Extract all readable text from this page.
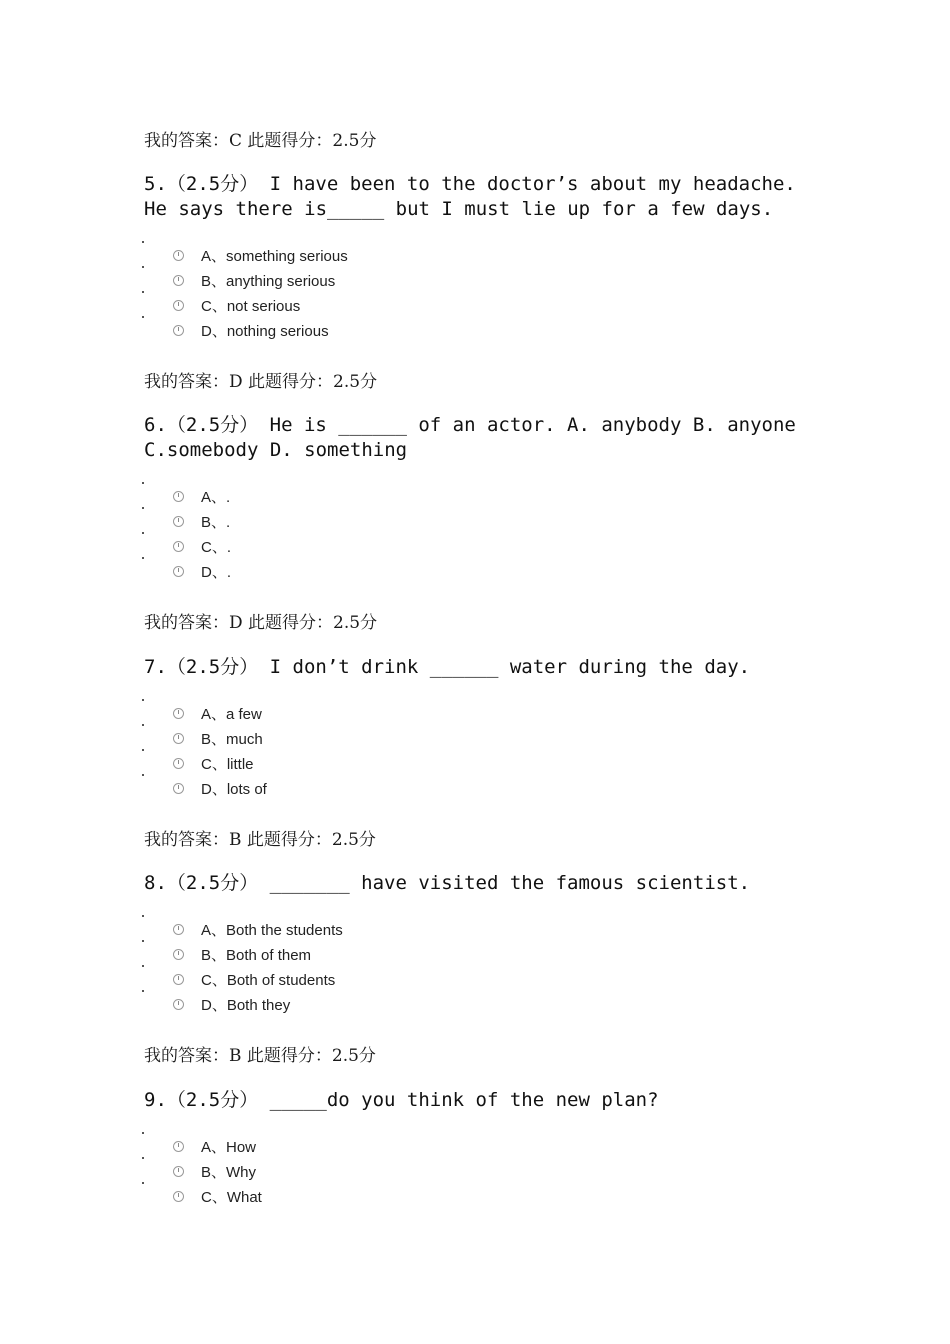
我的答案：C 此题得分：2.5分
5.（2.5分） I have been to the doctor’s about my headache. He says there is_____ but I must lie up for a few days.
A、something serious
B、anything serious
C、not serious
D、nothing serious
我的答案：D 此题得分：2.5分
6.（2.5分） He is ______ of an actor. A. anybody B. anyone C.somebody D. something
A、.
B、.
C、.
D、.
我的答案：D 此题得分：2.5分
7.（2.5分） I don’t drink ______ water during the day.
A、a few
B、much
C、little
D、lots of
我的答案：B 此题得分：2.5分
8.（2.5分） _______ have visited the famous scientist.
A、Both the students
B、Both of them
C、Both of students
D、Both they
我的答案：B 此题得分：2.5分
9.（2.5分） _____do you think of the new plan?
A、How
B、Why
C、What
